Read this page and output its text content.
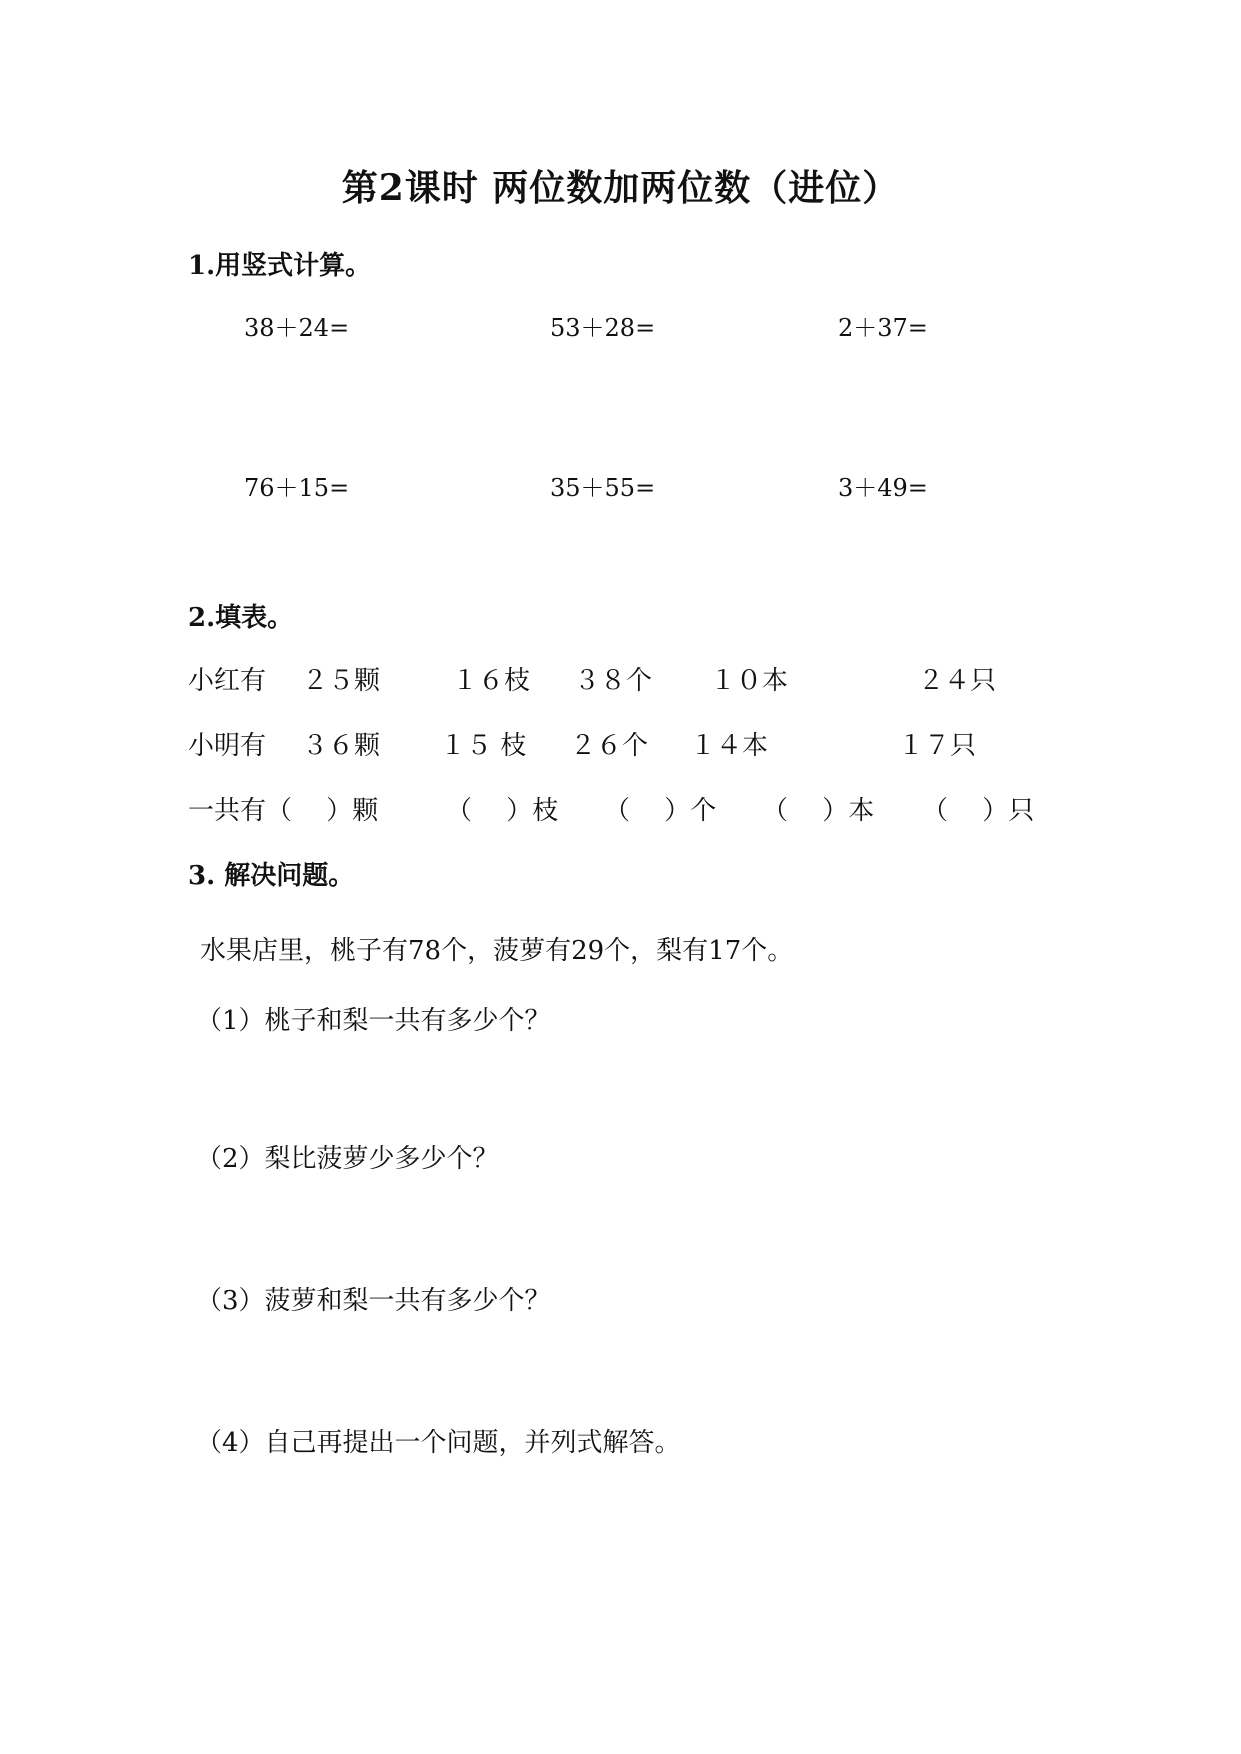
第2课时 两位数加两位数（进位）
1.用竖式计算。
38＋24=	53＋28=	2＋37=
76＋15=	35＋55=	3＋49=
2.填表。
小红有 ２５颗	１６枝 ３８个 １０本	２４只
小明有 ３６颗 １５ 枝 ２６个 １４本	１７只
一共有 （　 ）颗	（　 ）枝 （　 ）个 （　 ）本 （　 ）只
3. 解决问题。
水果店里，桃子有78个，菠萝有29个，梨有17个。
（1）桃子和梨一共有多少个？
（2）梨比菠萝少多少个？
（3）菠萝和梨一共有多少个？
（4）自己再提出一个问题，并列式解答。
